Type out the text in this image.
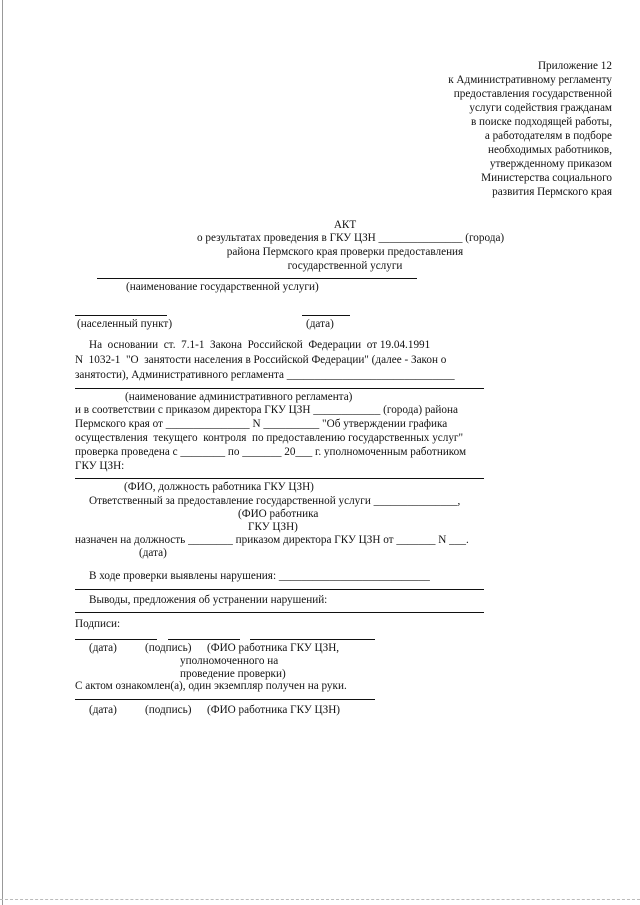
Приложение 12
к Административному регламенту
предоставления государственной
услуги содействия гражданам
в поиске подходящей работы,
а работодателям в подборе
необходимых работников,
утвержденному приказом
Министерства социального
развития Пермского края
АКТ
о результатах проведения в ГКУ ЦЗН _______________ (города)
района Пермского края проверки предоставления
государственной услуги
(наименование государственной услуги)
(населенный пункт)	(дата)
На  основании  ст.  7.1-1  Закона  Российской  Федерации  от 19.04.1991
N  1032-1  "О  занятости населения в Российской Федерации" (далее - Закон о
занятости), Административного регламента ______________________________
(наименование административного регламента)
и в соответствии с приказом директора ГКУ ЦЗН ____________ (города) района
Пермского края от _______________ N __________ "Об утверждении графика
осуществления  текущего  контроля  по предоставлению государственных услуг"
проверка проведена с ________ по _______ 20___ г. уполномоченным работником
ГКУ ЦЗН:
(ФИО, должность работника ГКУ ЦЗН)
Ответственный за предоставление государственной услуги _______________,
(ФИО работника
ГКУ ЦЗН)
назначен на должность ________ приказом директора ГКУ ЦЗН от _______ N ___.
(дата)
В ходе проверки выявлены нарушения: ___________________________
Выводы, предложения об устранении нарушений:
Подписи:
(дата)	(подпись) (ФИО работника ГКУ ЦЗН,
уполномоченного на
проведение проверки)
С актом ознакомлен(а), один экземпляр получен на руки.
(дата)	(подпись) (ФИО работника ГКУ ЦЗН)
